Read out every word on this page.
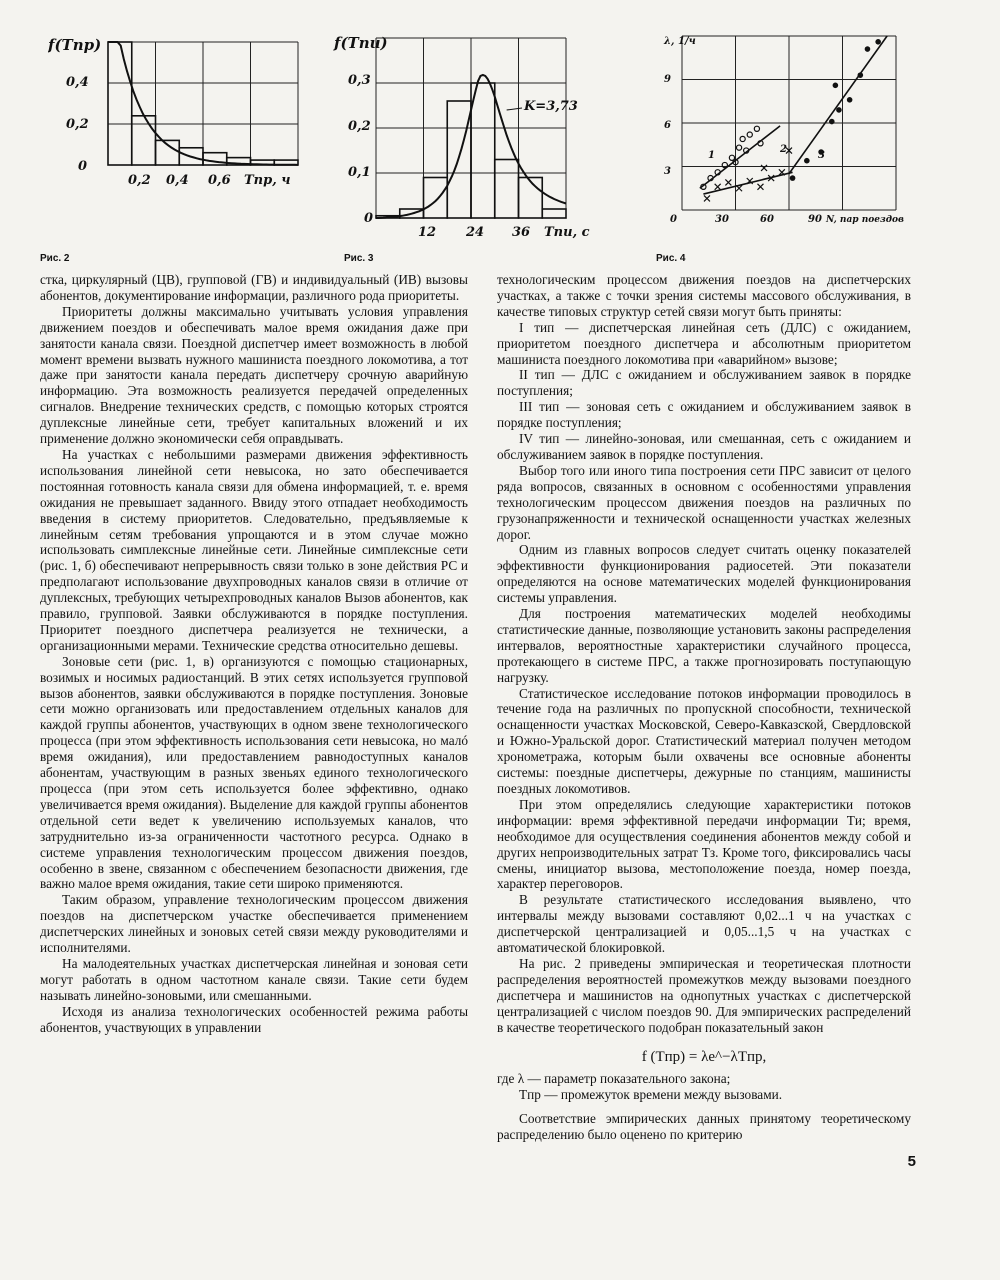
f(Tпр)
0,4
0,2
0
0,2 0,4 0,6 Tпр, ч
Рис. 2
f(Tпи)
0,3
0,2
0,1
0
12 24 36 Tпи, с
K=3,73
Рис. 3
λ, 1/ч
9
6
3
0	30	60	90 N, пар поездов
1
2
3
Рис. 4

стка, циркулярный (ЦВ), групповой (ГВ) и индивидуальный (ИВ) вызовы абонентов, документирование информации, различного рода приоритеты.

Приоритеты должны максимально учитывать условия управления движением поездов и обеспечивать малое время ожидания даже при занятости канала связи. Поездной диспетчер имеет возможность в любой момент времени вызвать нужного машиниста поездного локомотива, а тот даже при занятости канала передать диспетчеру срочную аварийную информацию. Эта возможность реализуется передачей определенных сигналов. Внедрение технических средств, с помощью которых строятся дуплексные линейные сети, требует капитальных вложений и их применение должно экономически себя оправдывать.

На участках с небольшими размерами движения эффективность использования линейной сети невысока, но зато обеспечивается постоянная готовность канала связи для обмена информацией, т. е. время ожидания не превышает заданного. Ввиду этого отпадает необходимость введения в систему приоритетов. Следовательно, предъявляемые к линейным сетям требования упрощаются и в этом случае можно использовать симплексные линейные сети. Линейные симплексные сети (рис. 1, б) обеспечивают непрерывность связи только в зоне действия РС и предполагают использование двухпроводных каналов связи в отличие от дуплексных, требующих четырехпроводных каналов Вызов абонентов, как правило, групповой. Заявки обслуживаются в порядке поступления. Приоритет поездного диспетчера реализуется не технически, а организационными мерами. Технические средства относительно дешевы.

Зоновые сети (рис. 1, в) организуются с помощью стационарных, возимых и носимых радиостанций. В этих сетях используется групповой вызов абонентов, заявки обслуживаются в порядке поступления. Зоновые сети можно организовать или предоставлением отдельных каналов для каждой группы абонентов, участвующих в одном звене технологического процесса (при этом эффективность использования сети невысока, но малó время ожидания), или предоставлением равнодоступных каналов абонентам, участвующим в разных звеньях единого технологического процесса (при этом сеть используется более эффективно, однако увеличивается время ожидания). Выделение для каждой группы абонентов отдельной сети ведет к увеличению используемых каналов, что затруднительно из-за ограниченности частотного ресурса. Однако в системе управления технологическим процессом движения поездов, особенно в звене, связанном с обеспечением безопасности движения, где важно малое время ожидания, такие сети широко применяются.

Таким образом, управление технологическим процессом движения поездов на диспетчерском участке обеспечивается применением диспетчерских линейных и зоновых сетей связи между руководителями и исполнителями.

На малодеятельных участках диспетчерская линейная и зоновая сети могут работать в одном частотном канале связи. Такие сети будем называть линейно-зоновыми, или смешанными.

Исходя из анализа технологических особенностей режима работы абонентов, участвующих в управлении

технологическим процессом движения поездов на диспетчерских участках, а также с точки зрения системы массового обслуживания, в качестве типовых структур сетей связи могут быть приняты:

I тип — диспетчерская линейная сеть (ДЛС) с ожиданием, приоритетом поездного диспетчера и абсолютным приоритетом машиниста поездного локомотива при «аварийном» вызове;

II тип — ДЛС с ожиданием и обслуживанием заявок в порядке поступления;

III тип — зоновая сеть с ожиданием и обслуживанием заявок в порядке поступления;

IV тип — линейно-зоновая, или смешанная, сеть с ожиданием и обслуживанием заявок в порядке поступления.

Выбор того или иного типа построения сети ПРС зависит от целого ряда вопросов, связанных в основном с особенностями управления технологическим процессом движения поездов на различных по грузонапряженности и технической оснащенности участках железных дорог.

Одним из главных вопросов следует считать оценку показателей эффективности функционирования радиосетей. Эти показатели определяются на основе математических моделей функционирования системы управления.

Для построения математических моделей необходимы статистические данные, позволяющие установить законы распределения интервалов, вероятностные характеристики случайного процесса, протекающего в системе ПРС, а также прогнозировать поступающую нагрузку.

Статистическое исследование потоков информации проводилось в течение года на различных по пропускной способности, технической оснащенности участках Московской, Северо-Кавказской, Свердловской и Южно-Уральской дорог. Статистический материал получен методом хронометража, которым были охвачены все основные абоненты системы: поездные диспетчеры, дежурные по станциям, машинисты поездных локомотивов.

При этом определялись следующие характеристики потоков информации: время эффективной передачи информации Tи; время, необходимое для осуществления соединения абонентов между собой и других непроизводительных затрат Tз. Кроме того, фиксировались часы смены, инициатор вызова, местоположение поезда, номер поезда, характер переговоров.

В результате статистического исследования выявлено, что интервалы между вызовами составляют 0,02...1 ч на участках с диспетчерской централизацией и 0,05...1,5 ч на участках с автоматической блокировкой.

На рис. 2 приведены эмпирическая и теоретическая плотности распределения вероятностей промежутков между вызовами поездного диспетчера и машинистов на однопутных участках с диспетчерской централизацией с числом поездов 90. Для эмпирических распределений в качестве теоретического подобран показательный закон

f (Tпр) = λe^−λTпр,

где λ — параметр показательного закона;

Tпр — промежуток времени между вызовами.

Соответствие эмпирических данных принятому теоретическому распределению было оценено по критерию

5
